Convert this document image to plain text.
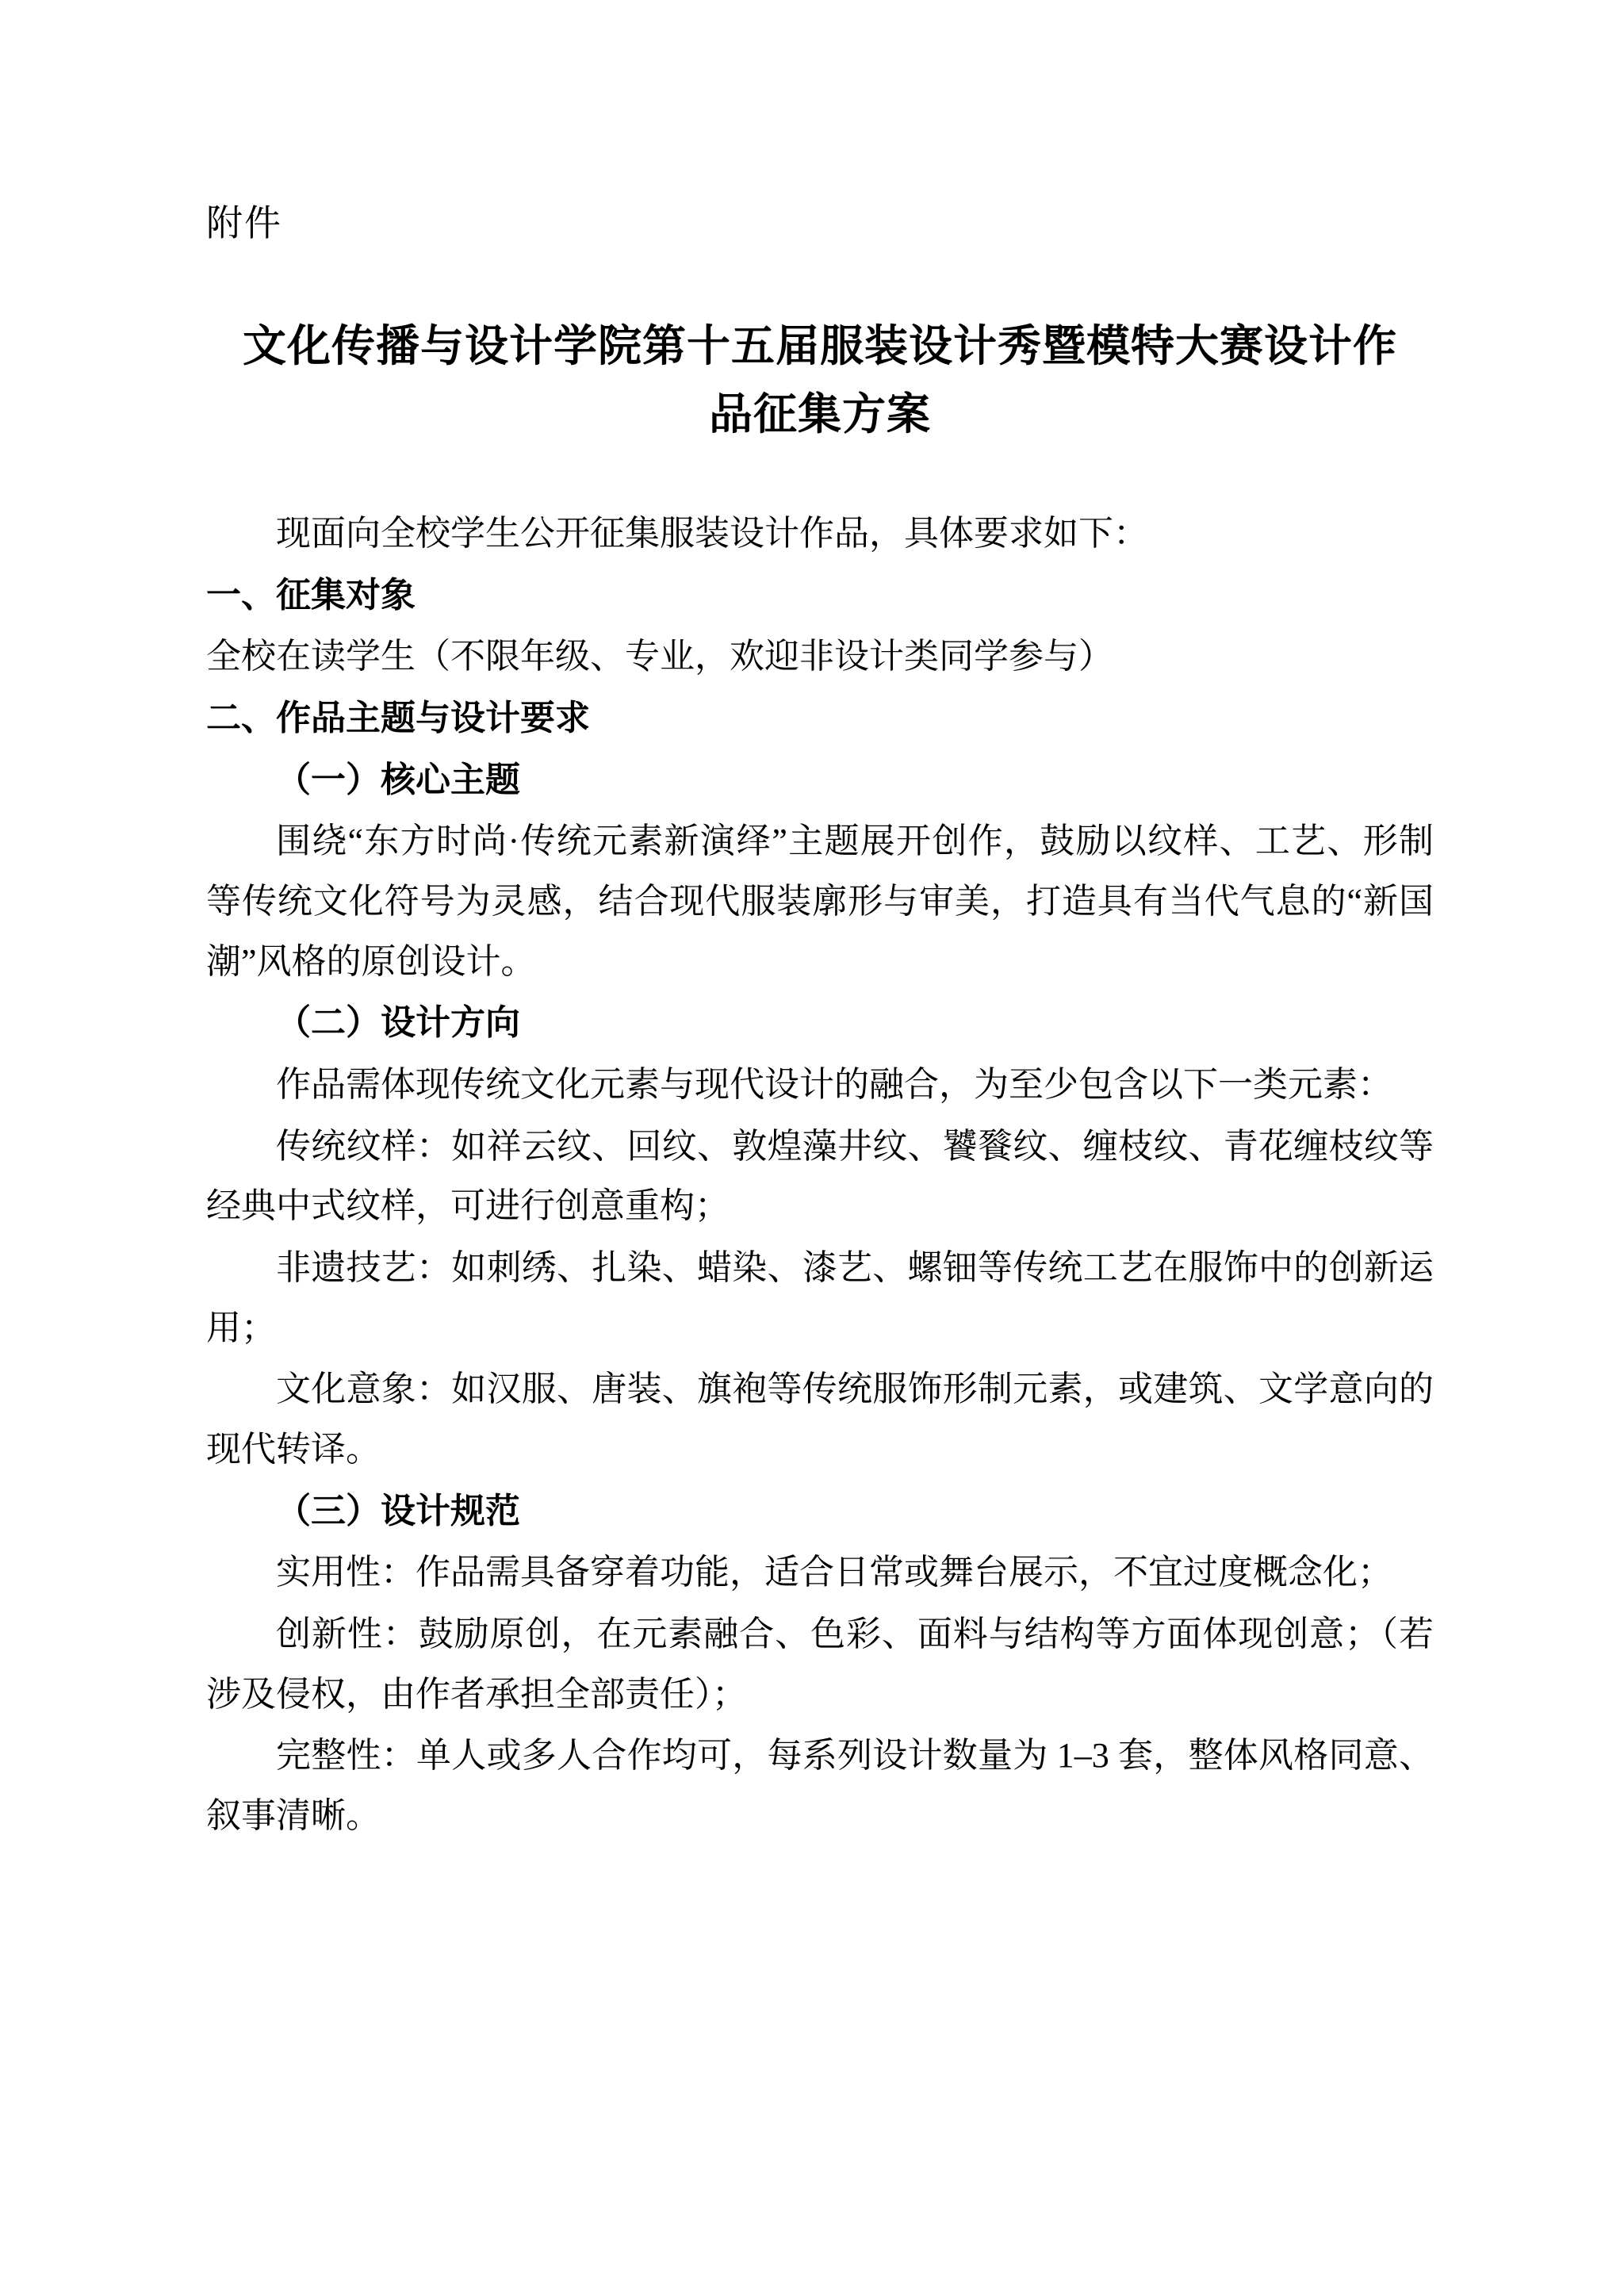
附件
文化传播与设计学院第十五届服装设计秀暨模特大赛设计作品征集方案

现面向全校学生公开征集服装设计作品，具体要求如下：

一、征集对象

全校在读学生（不限年级、专业，欢迎非设计类同学参与）

二、作品主题与设计要求

（一）核心主题

围绕“东方时尚·传统元素新演绎”主题展开创作，鼓励以纹样、工艺、形制等传统文化符号为灵感，结合现代服装廓形与审美，打造具有当代气息的“新国潮”风格的原创设计。

（二）设计方向

作品需体现传统文化元素与现代设计的融合，为至少包含以下一类元素：

传统纹样：如祥云纹、回纹、敦煌藻井纹、饕餮纹、缠枝纹、青花缠枝纹等经典中式纹样，可进行创意重构；

非遗技艺：如刺绣、扎染、蜡染、漆艺、螺钿等传统工艺在服饰中的创新运用；

文化意象：如汉服、唐装、旗袍等传统服饰形制元素，或建筑、文学意向的现代转译。

（三）设计规范

实用性：作品需具备穿着功能，适合日常或舞台展示，不宜过度概念化；

创新性：鼓励原创，在元素融合、色彩、面料与结构等方面体现创意；（若涉及侵权，由作者承担全部责任）；

完整性：单人或多人合作均可，每系列设计数量为 1–3 套，整体风格同意、叙事清晰。
